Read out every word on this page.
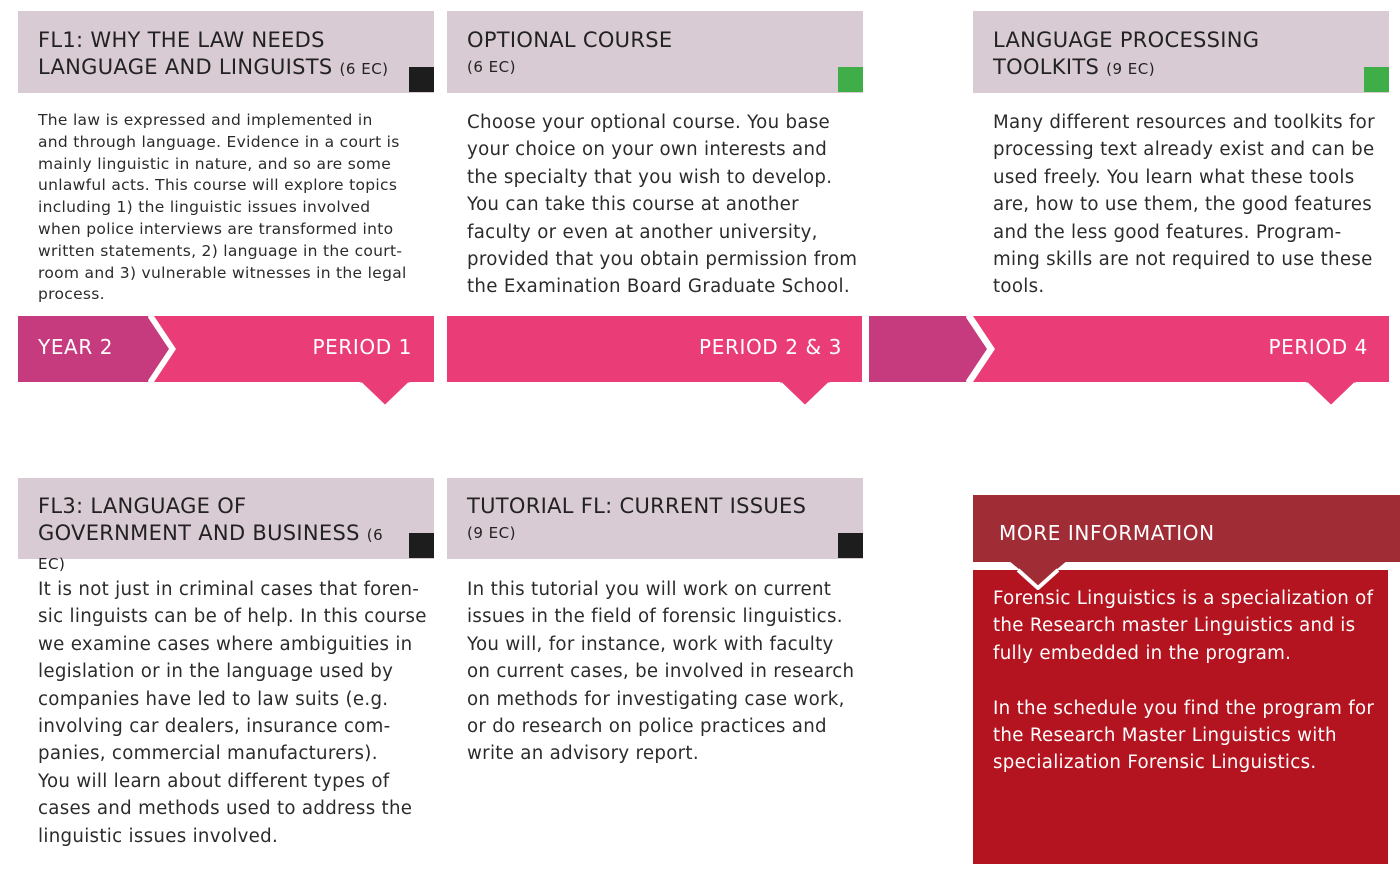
FL1: WHY THE LAW NEEDS LANGUAGE AND LINGUISTS (6 EC)
OPTIONAL COURSE
(6 EC)
LANGUAGE PROCESSING TOOLKITS (9 EC)
The law is expressed and implemented in
and through language. Evidence in a court is
mainly linguistic in nature, and so are some
unlawful acts. This course will explore topics
including 1) the linguistic issues involved
when police interviews are transformed into
written statements, 2) language in the court-
room and 3) vulnerable witnesses in the legal
process.
Choose your optional course. You base
your choice on your own interests and
the specialty that you wish to develop.
You can take this course at another
faculty or even at another university,
provided that you obtain permission from
the Examination Board Graduate School.
Many different resources and toolkits for
processing text already exist and can be
used freely. You learn what these tools
are, how to use them, the good features
and the less good features. Program-
ming skills are not required to use these
tools.
YEAR 2	PERIOD 1	PERIOD 2 & 3	PERIOD 4
GENERAL LINGUISTICS
(9 EC)
RESEARCH DESIGN II
(6 EC)
THESIS
(30 EC)
FL3: LANGUAGE OF GOVERNMENT AND BUSINESS (6 EC)
TUTORIAL FL: CURRENT ISSUES
(9 EC)
It is not just in criminal cases that foren-
sic linguists can be of help. In this course
we examine cases where ambiguities in
legislation or in the language used by
companies have led to law suits (e.g.
involving car dealers, insurance com-
panies, commercial manufacturers).
You will learn about different types of
cases and methods used to address the
linguistic issues involved.
In this tutorial you will work on current
issues in the field of forensic linguistics.
You will, for instance, work with faculty
on current cases, be involved in research
on methods for investigating case work,
or do research on police practices and
write an advisory report.
MORE INFORMATION

Forensic Linguistics is a specialization of
the Research master Linguistics and is
fully embedded in the program.

In the schedule you find the program for
the Research Master Linguistics with
specialization Forensic Linguistics.
